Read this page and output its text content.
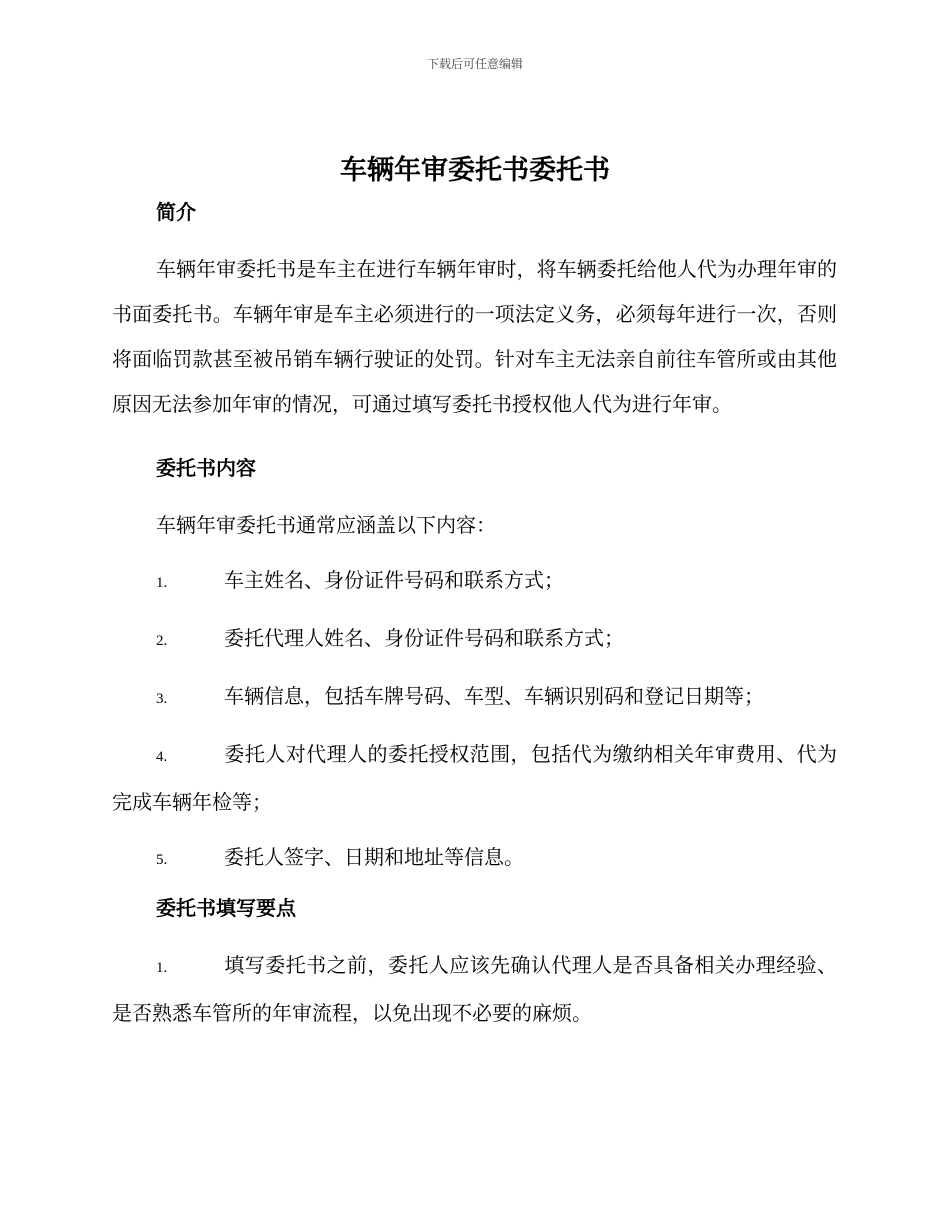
下载后可任意编辑
车辆年审委托书委托书
简介

车辆年审委托书是车主在进行车辆年审时，将车辆委托给他人代为办理年审的书面委托书。车辆年审是车主必须进行的一项法定义务，必须每年进行一次，否则将面临罚款甚至被吊销车辆行驶证的处罚。针对车主无法亲自前往车管所或由其他原因无法参加年审的情况，可通过填写委托书授权他人代为进行年审。

委托书内容

车辆年审委托书通常应涵盖以下内容：

1.	车主姓名、身份证件号码和联系方式；

2.	委托代理人姓名、身份证件号码和联系方式；

3.	车辆信息，包括车牌号码、车型、车辆识别码和登记日期等；

4.	委托人对代理人的委托授权范围，包括代为缴纳相关年审费用、代为完成车辆年检等；

5.	委托人签字、日期和地址等信息。

委托书填写要点

1.	填写委托书之前，委托人应该先确认代理人是否具备相关办理经验、是否熟悉车管所的年审流程，以免出现不必要的麻烦。
